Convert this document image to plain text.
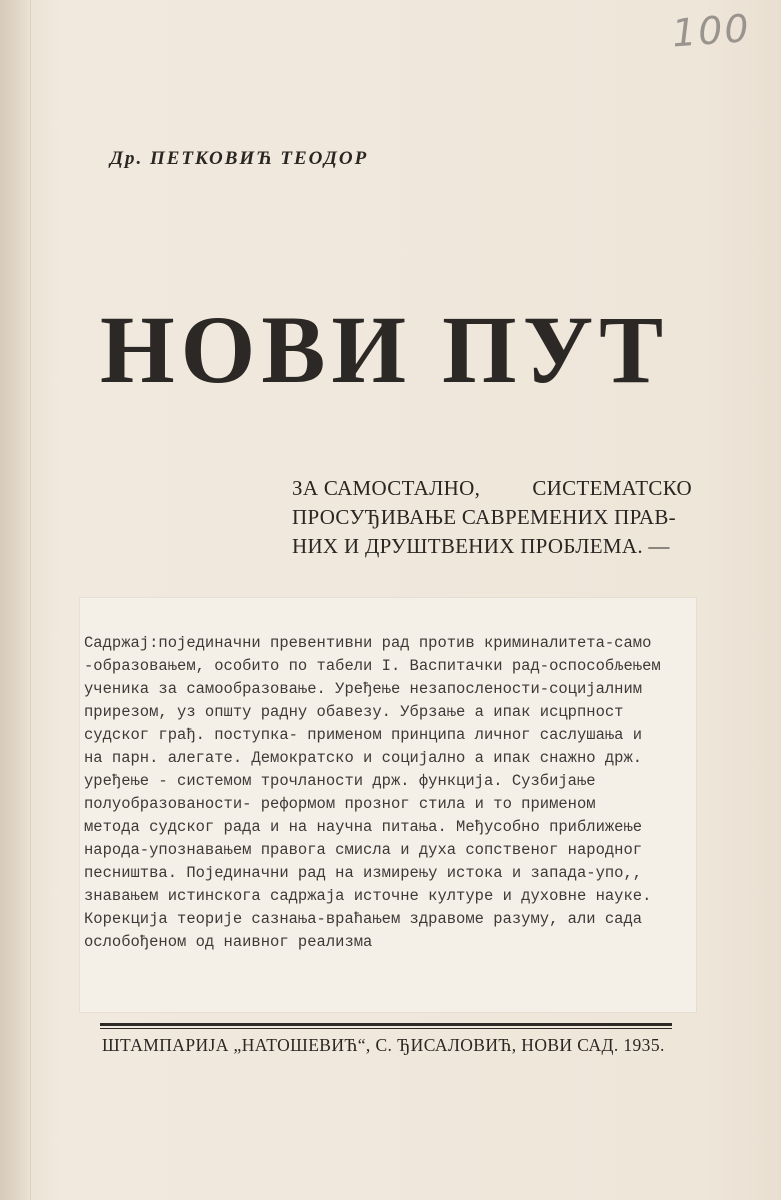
100
Др. ПЕТКОВИЋ ТЕОДОР
НОВИ ПУТ
ЗА САМОСТАЛНО, СИСТЕМАТСКО
ПРОСУЂИВАЊЕ САВРЕМЕНИХ ПРАВ-
НИХ И ДРУШТВЕНИХ ПРОБЛЕМА. —
Садржај:појединачни превентивни рад против криминалитета-само
-образовањем, особито по табели I. Васпитачки рад-оспособљењем
ученика за самообразовање. Уређење незапослености-социјалним
прирезом, уз општу радну обавезу. Убрзање а ипак исцрпност
судског грађ. поступка- применом принципа личног саслушања и
на парн. алегате. Демократско и социјално а ипак снажно држ.
уређење - системом трочланости држ. функција. Сузбијање
полуобразованости- реформом прозног стила и то применом
метода судског рада и на научна питања. Међусобно приближење
народа-упознавањем правога смисла и духа сопственог народног
песништва. Појединачни рад на измирењу истока и запада-упо,,
знавањем истинскога садржаја источне културе и духовне науке.
Корекција теорије сазнања-враћањем здравоме разуму, али сада
ослобођеном од наивног реализма
ШТАМПАРИЈА „НАТОШЕВИЋ“, С. ЂИСАЛОВИЋ, НОВИ САД. 1935.
